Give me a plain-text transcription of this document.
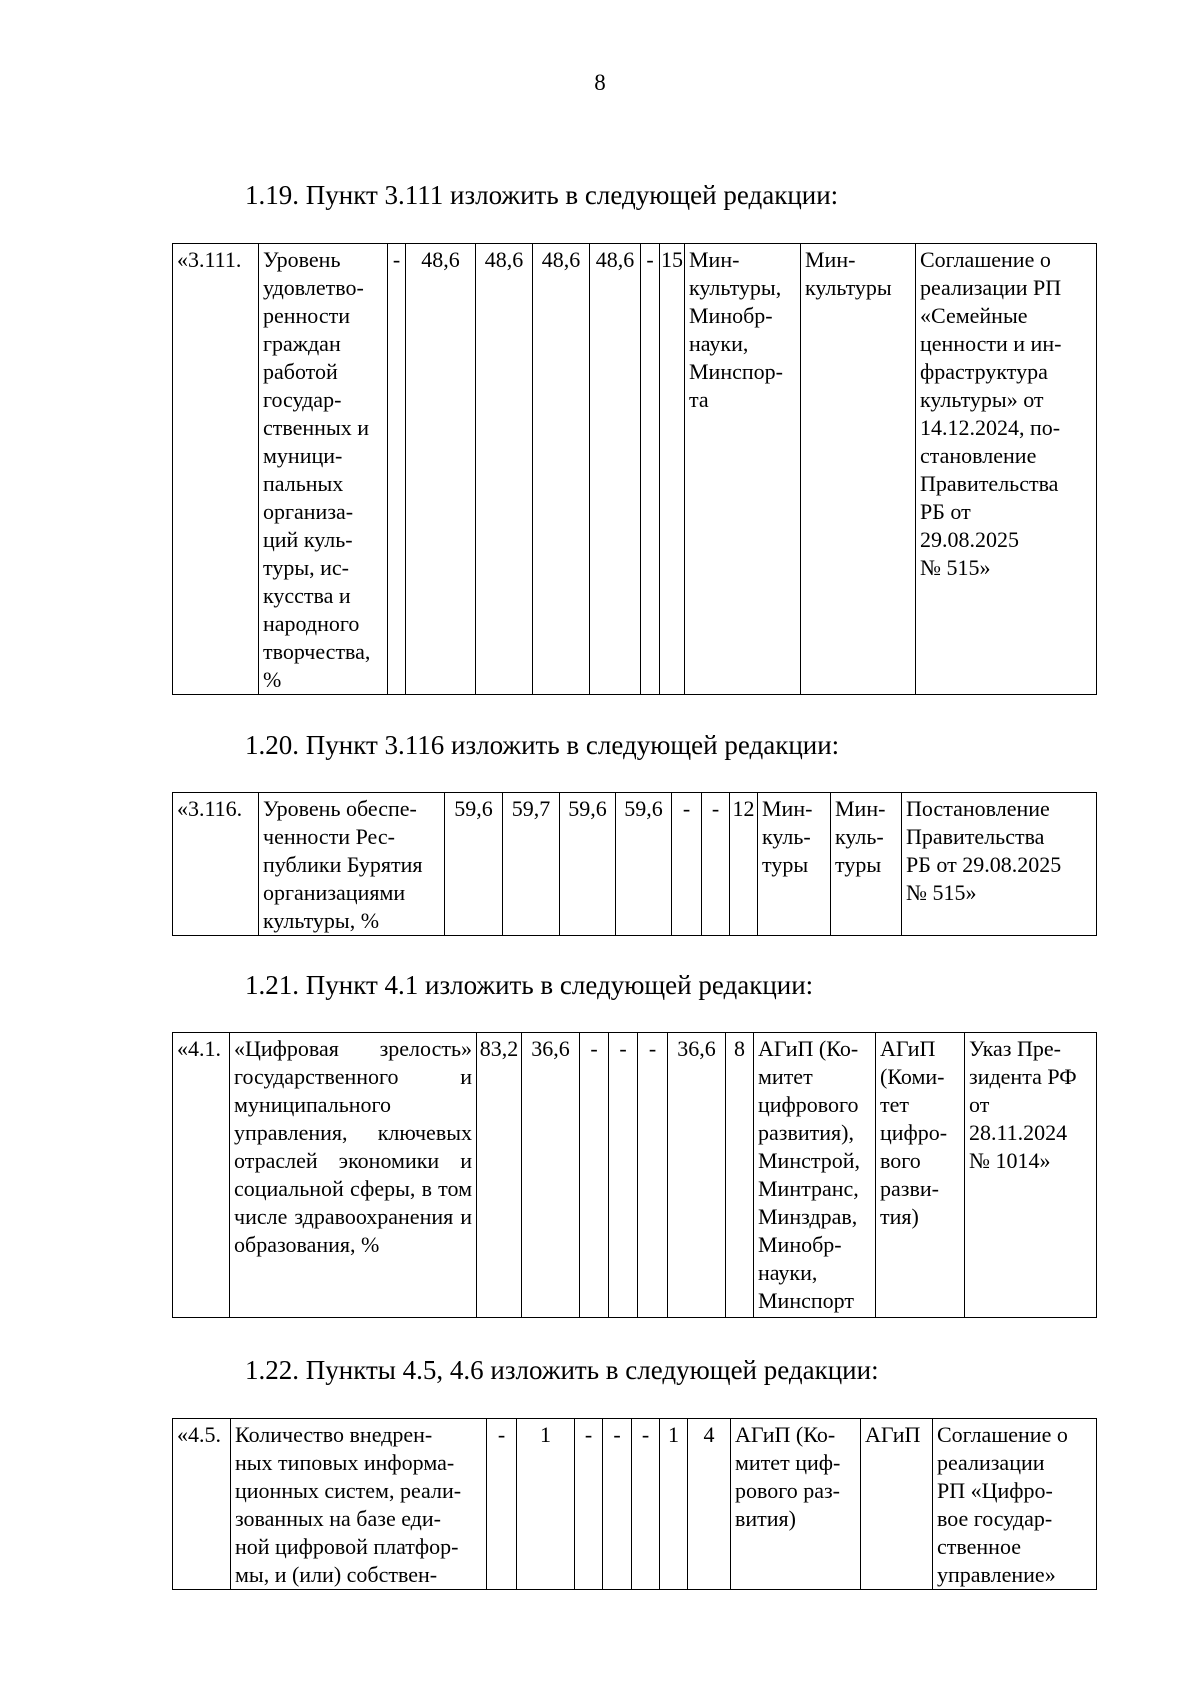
8
1.19. Пункт 3.111 изложить в следующей редакции:
«3.111.	Уровень
удовлетво-
ренности
граждан
работой
государ-
ственных и
муници-
пальных
организа-
ций куль-
туры, ис-
кусства и
народного
творчества,
%	-	48,6	48,6	48,6	48,6	-	15	Мин-
культуры,
Минобр-
науки,
Минспор-
та	Мин-
культуры	Соглашение о
реализации РП
«Семейные
ценности и ин-
фраструктура
культуры» от
14.12.2024, по-
становление
Правительства
РБ от
29.08.2025
№ 515»
1.20. Пункт 3.116 изложить в следующей редакции:
«3.116.	Уровень обеспе-
ченности Рес-
публики Бурятия
организациями
культуры, %	59,6	59,7	59,6	59,6	-	-	12	Мин-
куль-
туры	Мин-
куль-
туры	Постановление
Правительства
РБ от 29.08.2025
№ 515»
1.21. Пункт 4.1 изложить в следующей редакции:
«4.1.	«Цифровая зрелость» государственного и муниципального управления, ключевых отраслей экономики и социальной сферы, в том числе здравоохранения и образования, %	83,2	36,6	-	-	-	36,6	8	АГиП (Ко-
митет
цифрового
развития),
Минстрой,
Минтранс,
Минздрав,
Минобр-
науки,
Минспорт	АГиП
(Коми-
тет
цифро-
вого
разви-
тия)	Указ Пре-
зидента РФ
от
28.11.2024
№ 1014»
1.22. Пункты 4.5, 4.6 изложить в следующей редакции:
«4.5.	Количество внедрен-
ных типовых информа-
ционных систем, реали-
зованных на базе еди-
ной цифровой платфор-
мы, и (или) собствен-	-	1	-	-	-	1	4	АГиП (Ко-
митет циф-
рового раз-
вития)	АГиП	Соглашение о
реализации
РП «Цифро-
вое государ-
ственное
управление»
